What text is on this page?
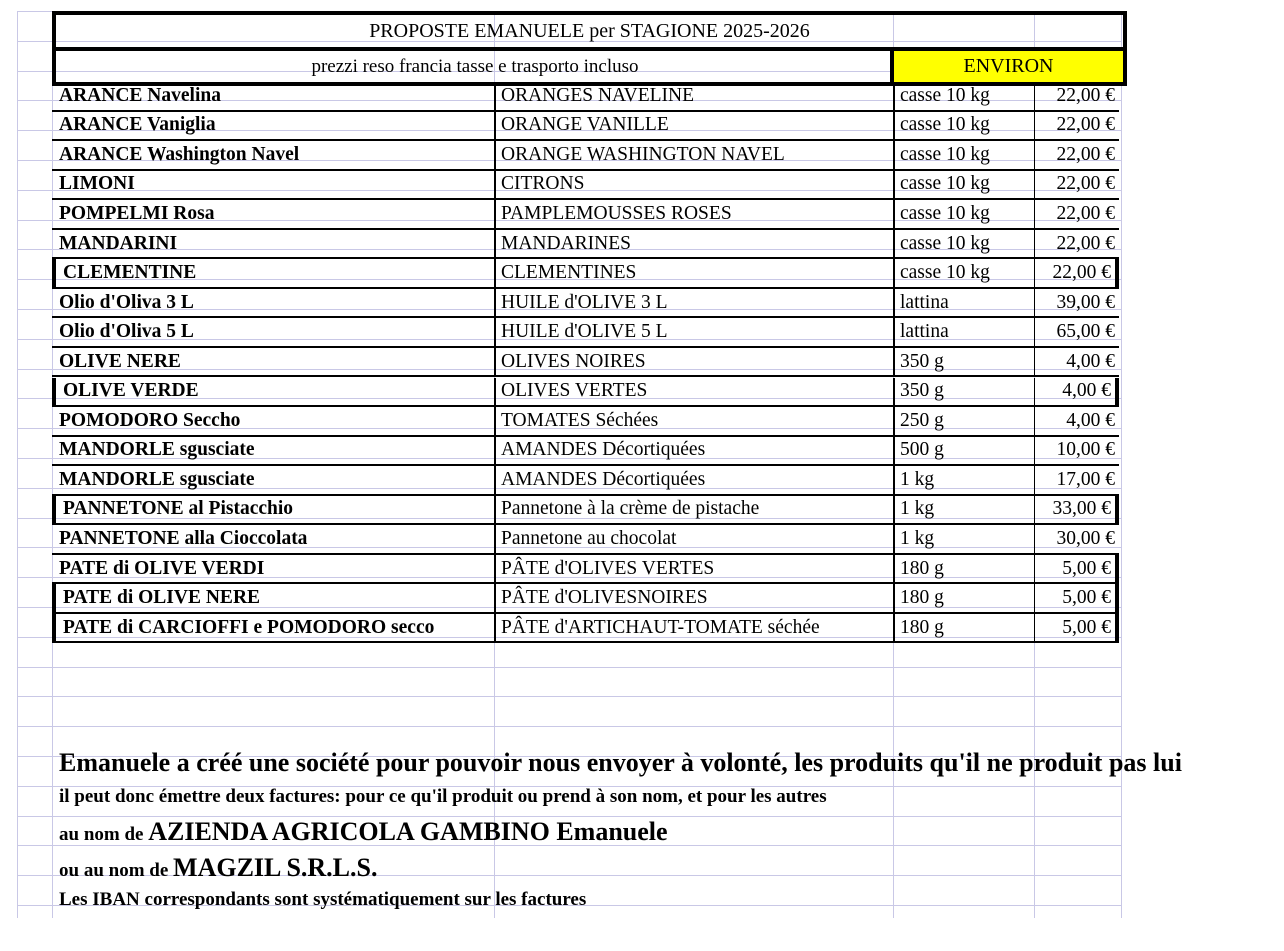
PROPOSTE EMANUELE per STAGIONE 2025-2026
prezzi reso francia tasse e trasporto incluso	ENVIRON
ARANCE Navelina	ORANGES NAVELINE	casse 10 kg	22,00 €
ARANCE Vaniglia	ORANGE VANILLE	casse 10 kg	22,00 €
ARANCE Washington Navel	ORANGE WASHINGTON NAVEL	casse 10 kg	22,00 €
LIMONI	CITRONS	casse 10 kg	22,00 €
POMPELMI Rosa	PAMPLEMOUSSES ROSES	casse 10 kg	22,00 €
MANDARINI	MANDARINES	casse 10 kg	22,00 €
CLEMENTINE	CLEMENTINES	casse 10 kg	22,00 €
Olio d'Oliva 3 L	HUILE d'OLIVE 3 L	lattina	39,00 €
Olio d'Oliva 5 L	HUILE d'OLIVE 5 L	lattina	65,00 €
OLIVE NERE	OLIVES NOIRES	350 g	4,00 €
OLIVE VERDE	OLIVES VERTES	350 g	4,00 €
POMODORO Seccho	TOMATES Séchées	250 g	4,00 €
MANDORLE sgusciate	AMANDES Décortiquées	500 g	10,00 €
MANDORLE sgusciate	AMANDES Décortiquées	1 kg	17,00 €
PANNETONE al Pistacchio	Pannetone à la crème de pistache	1 kg	33,00 €
PANNETONE alla Cioccolata	Pannetone au chocolat	1 kg	30,00 €
PATE di OLIVE VERDI	PÂTE d'OLIVES VERTES	180 g	5,00 €
PATE di OLIVE NERE	PÂTE d'OLIVESNOIRES	180 g	5,00 €
PATE di CARCIOFFI e POMODORO secco	PÂTE d'ARTICHAUT-TOMATE séchée	180 g	5,00 €
Emanuele a créé une société pour pouvoir nous envoyer à volonté, les produits qu'il ne produit pas lui
il peut donc émettre deux factures: pour ce qu'il produit ou prend à son nom, et pour les autres
au nom de AZIENDA AGRICOLA GAMBINO Emanuele
ou au nom de MAGZIL S.R.L.S.
Les IBAN correspondants sont systématiquement sur les factures
